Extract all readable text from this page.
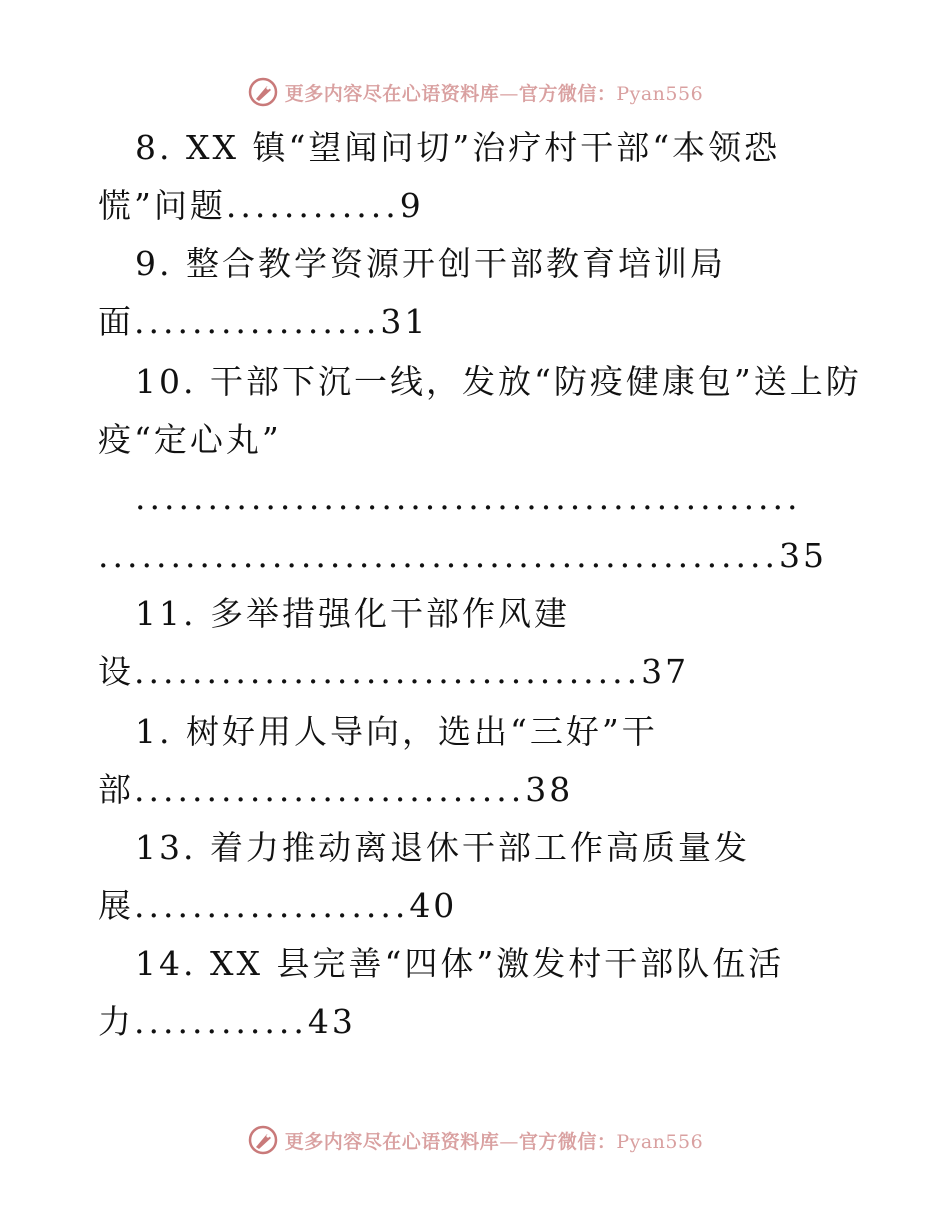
更多内容尽在心语资料库—官方微信：Pyan556
8. XX 镇“望闻问切”治疗村干部“本领恐
慌”问题............9
9. 整合教学资源开创干部教育培训局
面.................31
10. 干部下沉一线，发放“防疫健康包”送上防
疫“定心丸”
..............................................
...............................................35
11. 多举措强化干部作风建
设...................................37
1. 树好用人导向，选出“三好”干
部...........................38
13. 着力推动离退休干部工作高质量发
展...................40
14. XX 县完善“四体”激发村干部队伍活
力............43
更多内容尽在心语资料库—官方微信：Pyan556
